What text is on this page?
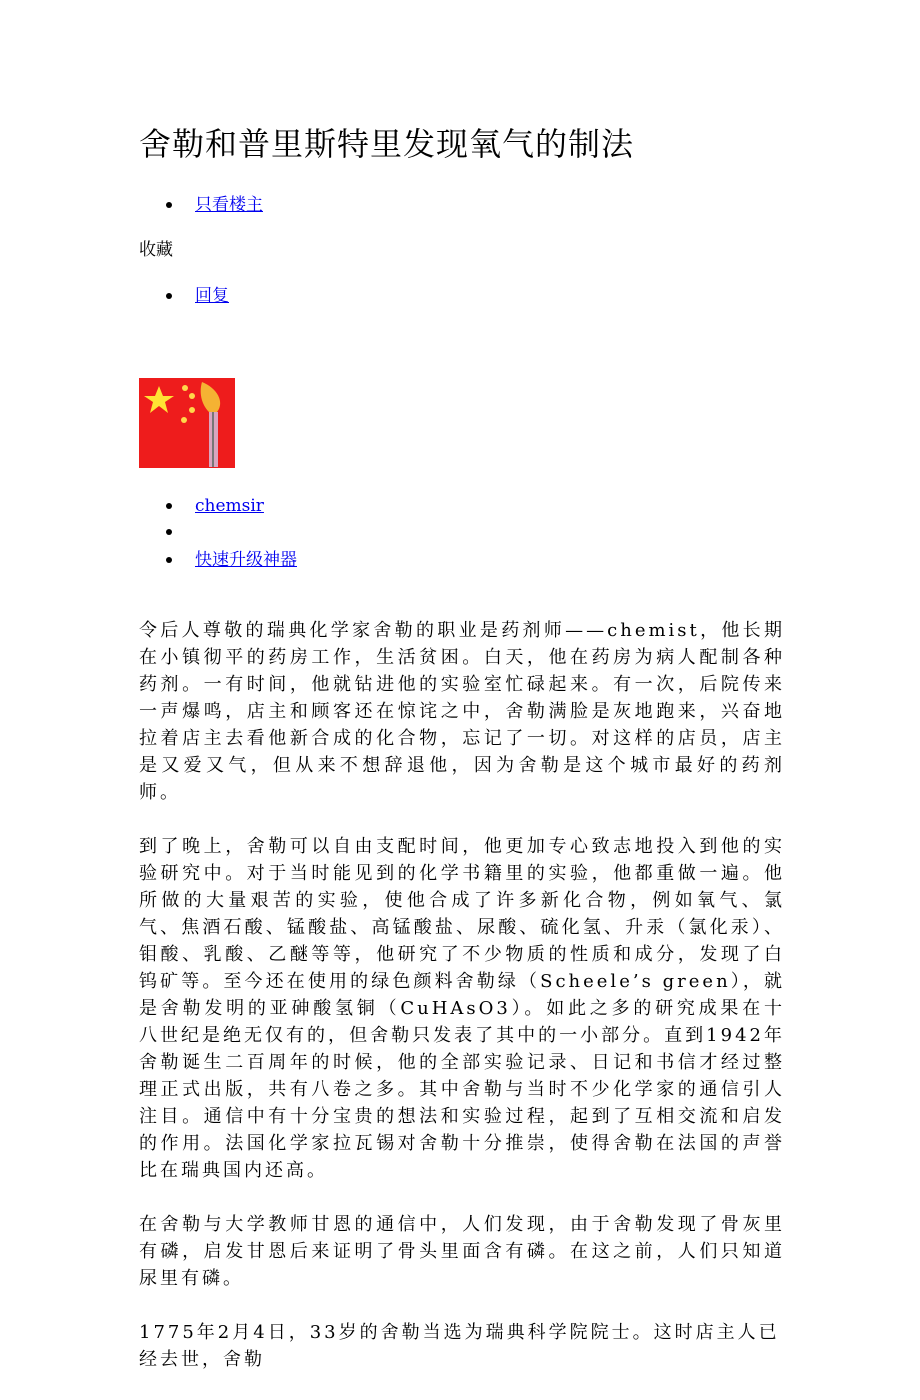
舍勒和普里斯特里发现氧气的制法
只看楼主
收藏
回复
chemsir
快速升级神器

令后人尊敬的瑞典化学家舍勒的职业是药剂师——chemist，他长期在小镇彻平的药房工作，生活贫困。白天，他在药房为病人配制各种药剂。一有时间，他就钻进他的实验室忙碌起来。有一次，后院传来一声爆鸣，店主和顾客还在惊诧之中，舍勒满脸是灰地跑来，兴奋地拉着店主去看他新合成的化合物，忘记了一切。对这样的店员，店主是又爱又气，但从来不想辞退他，因为舍勒是这个城市最好的药剂师。

到了晚上，舍勒可以自由支配时间，他更加专心致志地投入到他的实验研究中。对于当时能见到的化学书籍里的实验，他都重做一遍。他所做的大量艰苦的实验，使他合成了许多新化合物，例如氧气、氯气、焦酒石酸、锰酸盐、高锰酸盐、尿酸、硫化氢、升汞（氯化汞）、钼酸、乳酸、乙醚等等，他研究了不少物质的性质和成分，发现了白钨矿等。至今还在使用的绿色颜料舍勒绿（Scheele’s green），就是舍勒发明的亚砷酸氢铜（CuHAsO3）。如此之多的研究成果在十八世纪是绝无仅有的，但舍勒只发表了其中的一小部分。直到1942年舍勒诞生二百周年的时候，他的全部实验记录、日记和书信才经过整理正式出版，共有八卷之多。其中舍勒与当时不少化学家的通信引人注目。通信中有十分宝贵的想法和实验过程，起到了互相交流和启发的作用。法国化学家拉瓦锡对舍勒十分推崇，使得舍勒在法国的声誉比在瑞典国内还高。

在舍勒与大学教师甘恩的通信中，人们发现，由于舍勒发现了骨灰里有磷，启发甘恩后来证明了骨头里面含有磷。在这之前，人们只知道尿里有磷。

1775年2月4日，33岁的舍勒当选为瑞典科学院院士。这时店主人已经去世，舍勒
